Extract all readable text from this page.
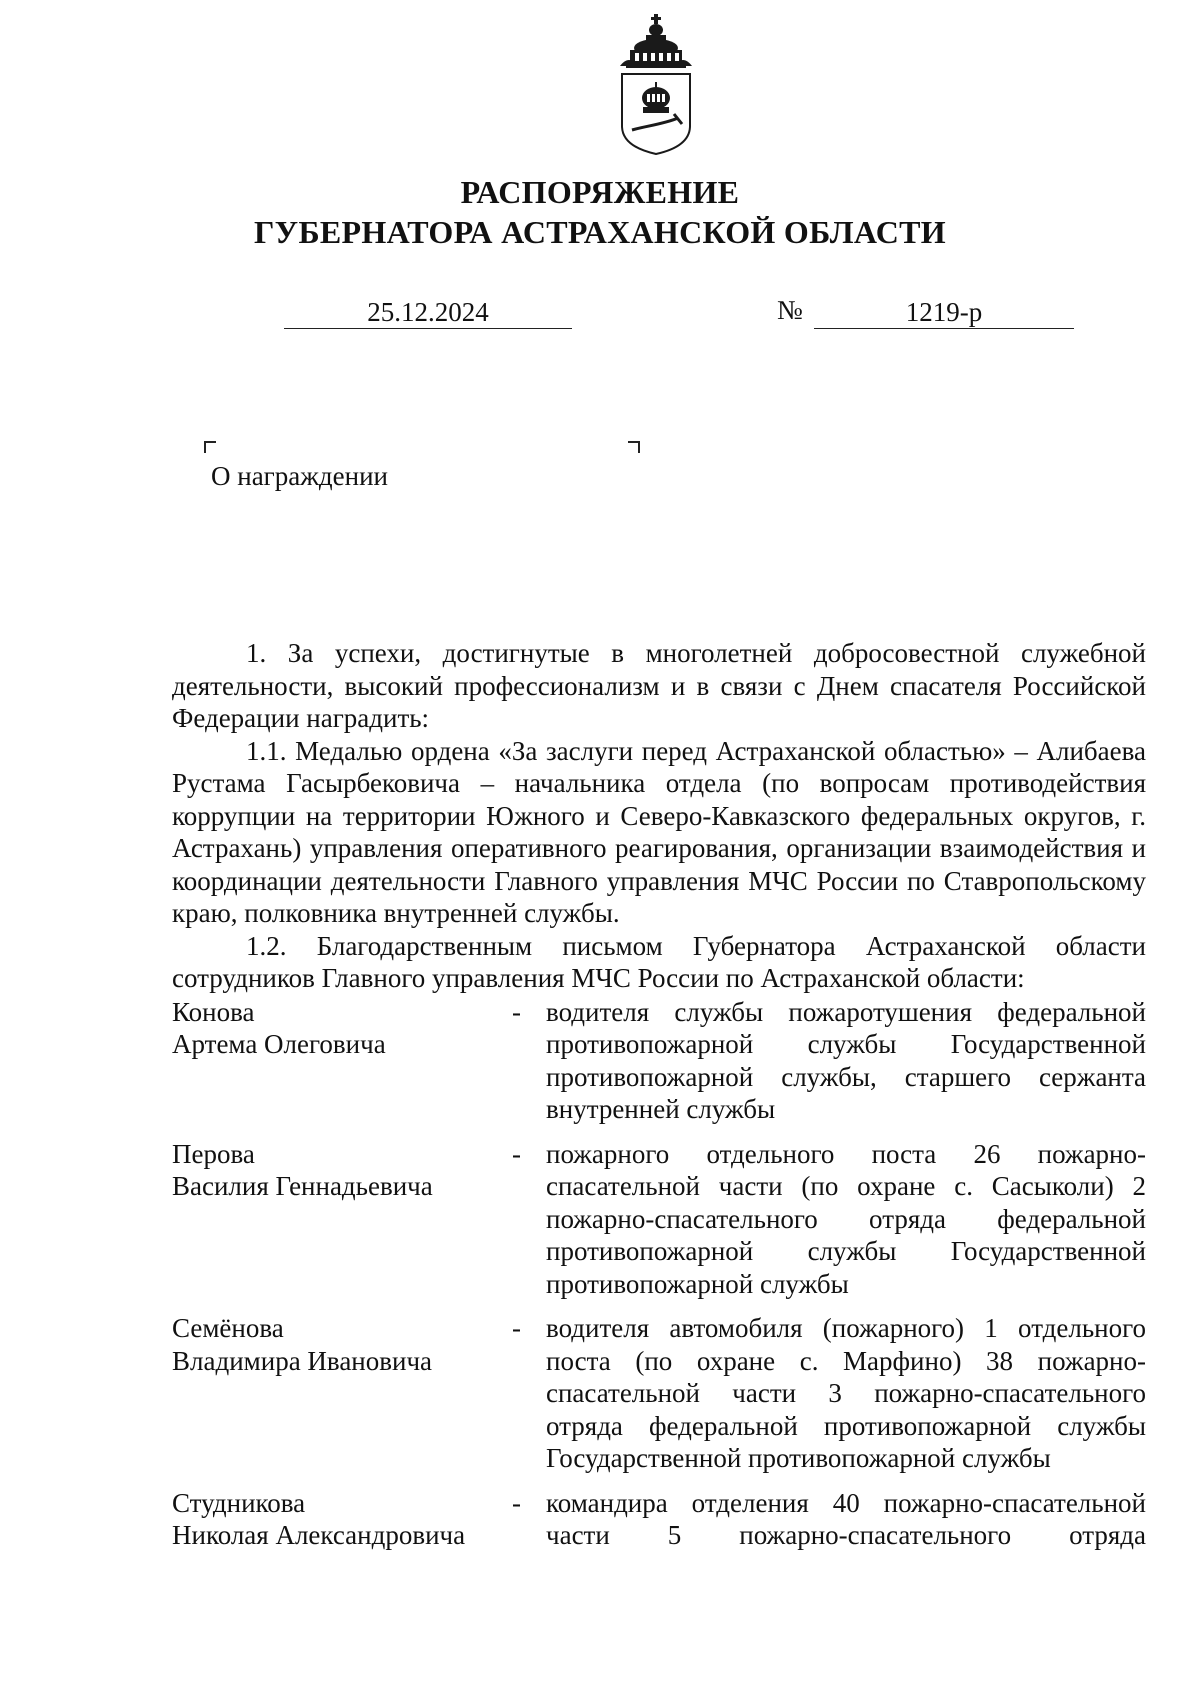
РАСПОРЯЖЕНИЕ
ГУБЕРНАТОРА АСТРАХАНСКОЙ ОБЛАСТИ
25.12.2024	№	1219-р
О награждении

1. За успехи, достигнутые в многолетней добросовестной служебной деятельности, высокий профессионализм и в связи с Днем спасателя Российской Федерации наградить:

1.1. Медалью ордена «За заслуги перед Астраханской областью» – Алибаева Рустама Гасырбековича – начальника отдела (по вопросам противодействия коррупции на территории Южного и Северо-Кавказского федеральных округов, г. Астрахань) управления оперативного реагирования, организации взаимодействия и координации деятельности Главного управления МЧС России по Ставропольскому краю, полковника внутренней службы.

1.2. Благодарственным письмом Губернатора Астраханской области сотрудников Главного управления МЧС России по Астраханской области:

Конова
Артема Олеговича
- водителя службы пожаротушения федеральной противопожарной службы Государственной противопожарной службы, старшего сержанта внутренней службы
Перова
Василия Геннадьевича
- пожарного отдельного поста 26 пожарно-спасательной части (по охране с. Сасыколи) 2 пожарно-спасательного отряда федеральной противопожарной службы Государственной противопожарной службы
Семёнова
Владимира Ивановича
- водителя автомобиля (пожарного) 1 отдельного поста (по охране с. Марфино) 38 пожарно-спасательной части 3 пожарно-спасательного отряда федеральной противопожарной службы Государственной противопожарной службы
Студникова
Николая Александровича
- командира отделения 40 пожарно-спасательной части 5 пожарно-спасательного отряда
